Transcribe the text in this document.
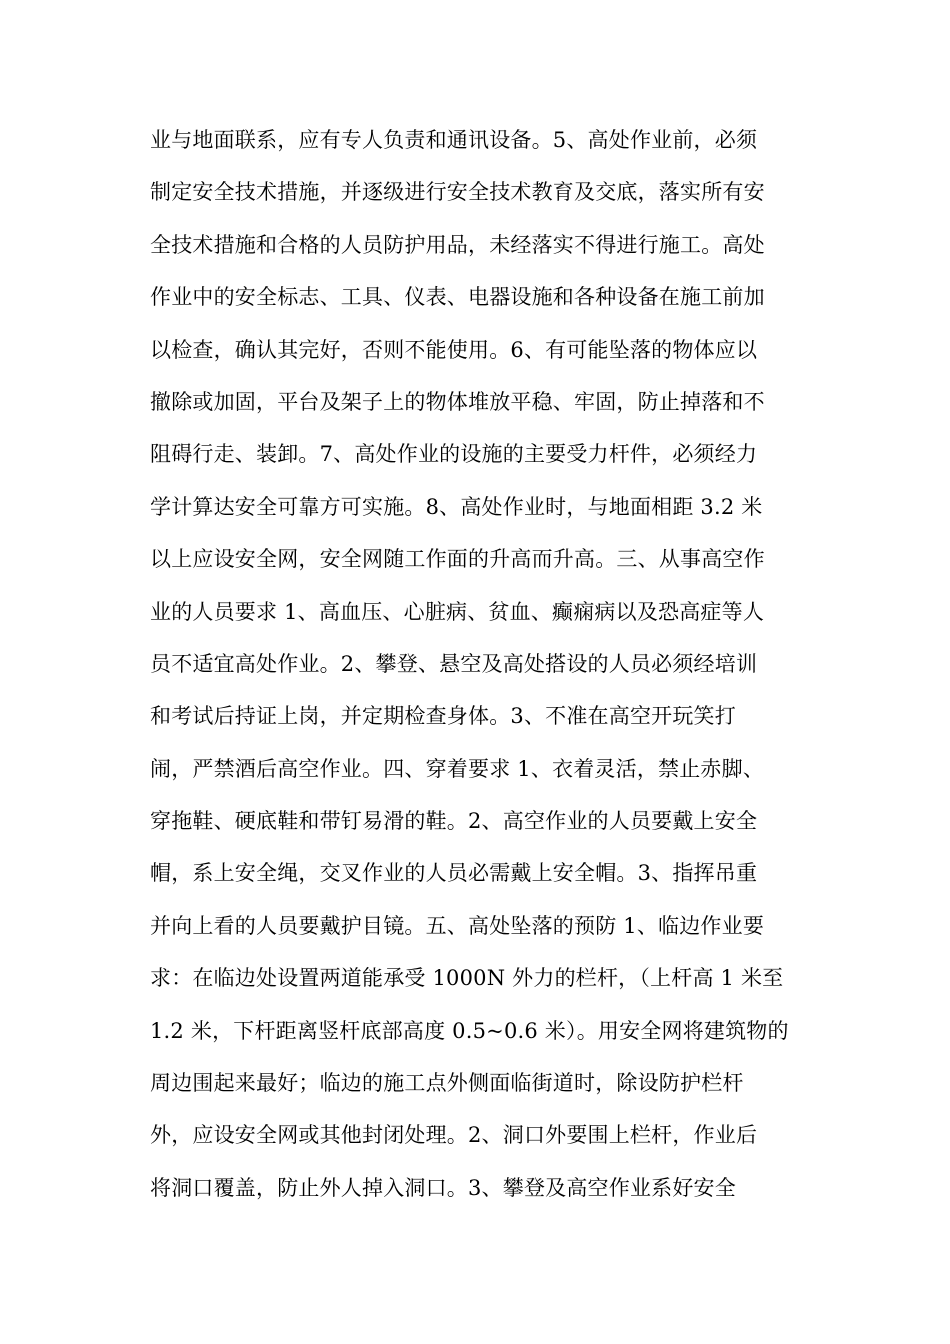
业与地面联系，应有专人负责和通讯设备。5、高处作业前，必须
制定安全技术措施，并逐级进行安全技术教育及交底，落实所有安
全技术措施和合格的人员防护用品，未经落实不得进行施工。高处
作业中的安全标志、工具、仪表、电器设施和各种设备在施工前加
以检查，确认其完好，否则不能使用。6、有可能坠落的物体应以
撤除或加固，平台及架子上的物体堆放平稳、牢固，防止掉落和不
阻碍行走、装卸。7、高处作业的设施的主要受力杆件，必须经力
学计算达安全可靠方可实施。8、高处作业时，与地面相距 3.2 米
以上应设安全网，安全网随工作面的升高而升高。三、从事高空作
业的人员要求 1、高血压、心脏病、贫血、癫痫病以及恐高症等人
员不适宜高处作业。2、攀登、悬空及高处搭设的人员必须经培训
和考试后持证上岗，并定期检查身体。3、不准在高空开玩笑打
闹，严禁酒后高空作业。四、穿着要求 1、衣着灵活，禁止赤脚、
穿拖鞋、硬底鞋和带钉易滑的鞋。2、高空作业的人员要戴上安全
帽，系上安全绳，交叉作业的人员必需戴上安全帽。3、指挥吊重
并向上看的人员要戴护目镜。五、高处坠落的预防 1、临边作业要
求：在临边处设置两道能承受 1000N 外力的栏杆，（上杆高 1 米至
1.2 米，下杆距离竖杆底部高度 0.5~0.6 米）。用安全网将建筑物的
周边围起来最好；临边的施工点外侧面临街道时，除设防护栏杆
外，应设安全网或其他封闭处理。2、洞口外要围上栏杆，作业后
将洞口覆盖，防止外人掉入洞口。3、攀登及高空作业系好安全
